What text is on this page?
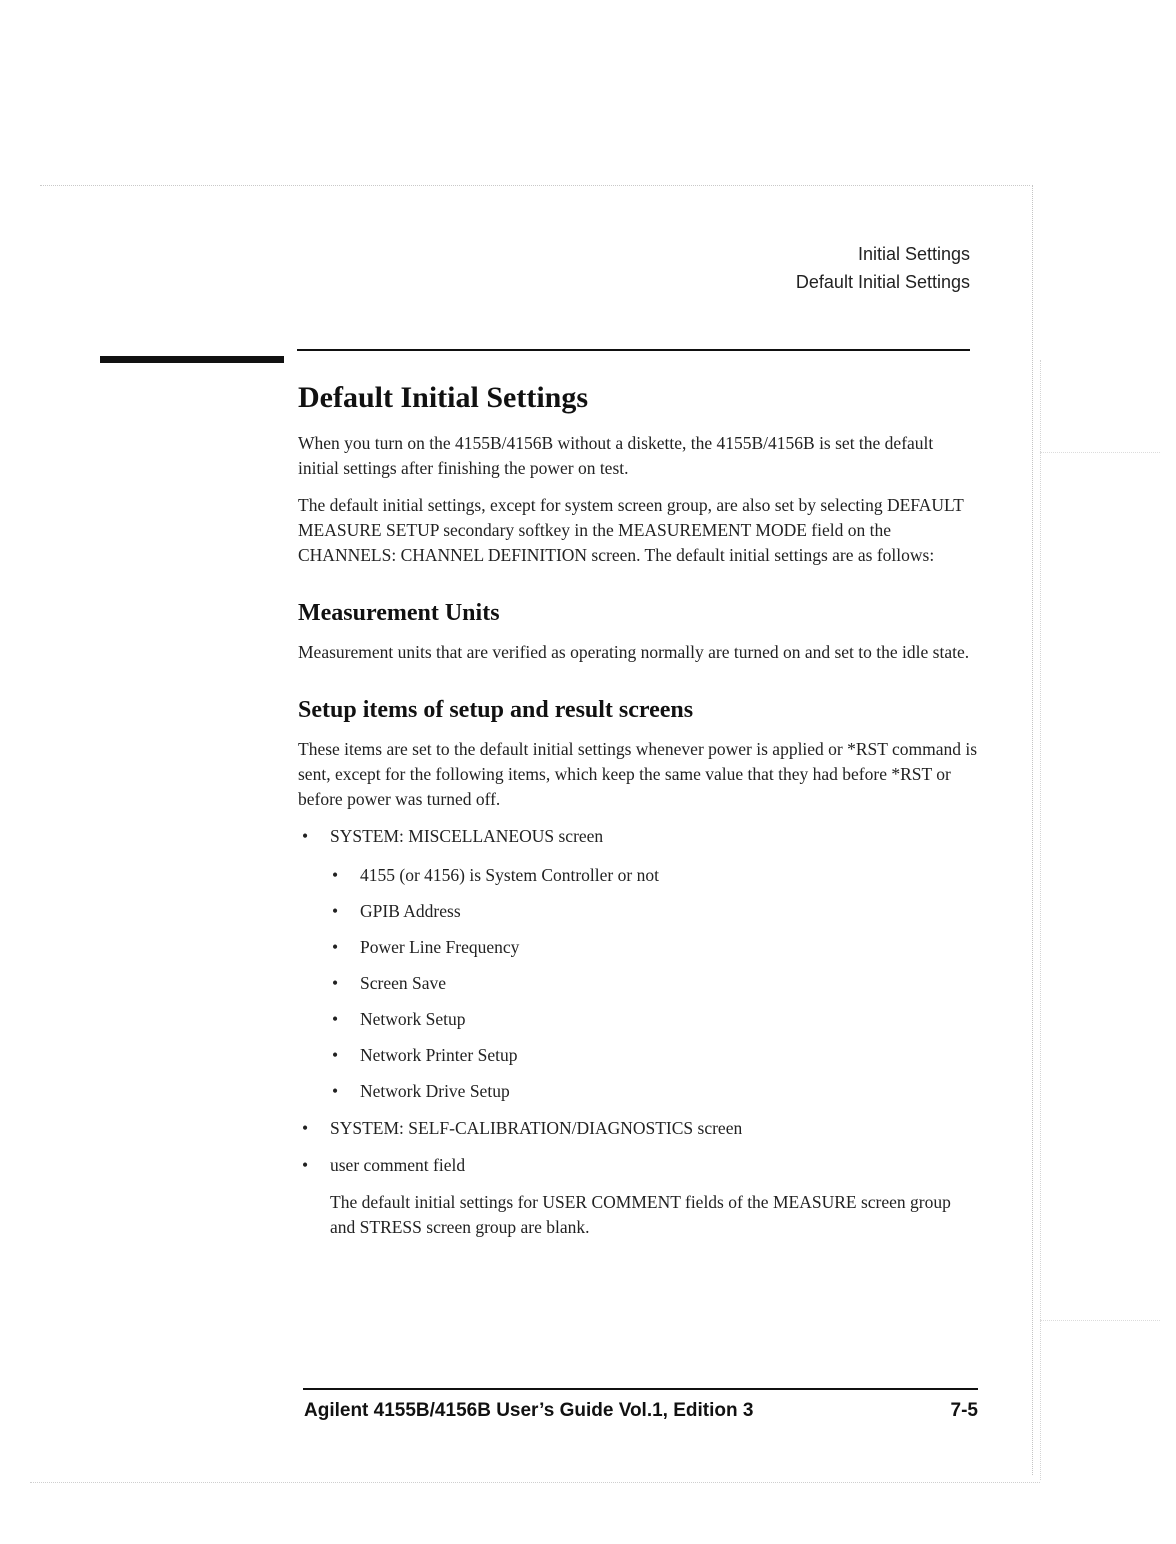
Initial Settings
Default Initial Settings
Default Initial Settings

When you turn on the 4155B/4156B without a diskette, the 4155B/4156B is set the default initial settings after finishing the power on test.

The default initial settings, except for system screen group, are also set by selecting DEFAULT MEASURE SETUP secondary softkey in the MEASUREMENT MODE field on the CHANNELS: CHANNEL DEFINITION screen. The default initial settings are as follows:

Measurement Units

Measurement units that are verified as operating normally are turned on and set to the idle state.

Setup items of setup and result screens

These items are set to the default initial settings whenever power is applied or *RST command is sent, except for the following items, which keep the same value that they had before *RST or before power was turned off.

• SYSTEM: MISCELLANEOUS screen
• 4155 (or 4156) is System Controller or not
• GPIB Address
• Power Line Frequency
• Screen Save
• Network Setup
• Network Printer Setup
• Network Drive Setup
• SYSTEM: SELF-CALIBRATION/DIAGNOSTICS screen
• user comment field

The default initial settings for USER COMMENT fields of the MEASURE screen group and STRESS screen group are blank.

Agilent 4155B/4156B User’s Guide Vol.1, Edition 3	7-5
